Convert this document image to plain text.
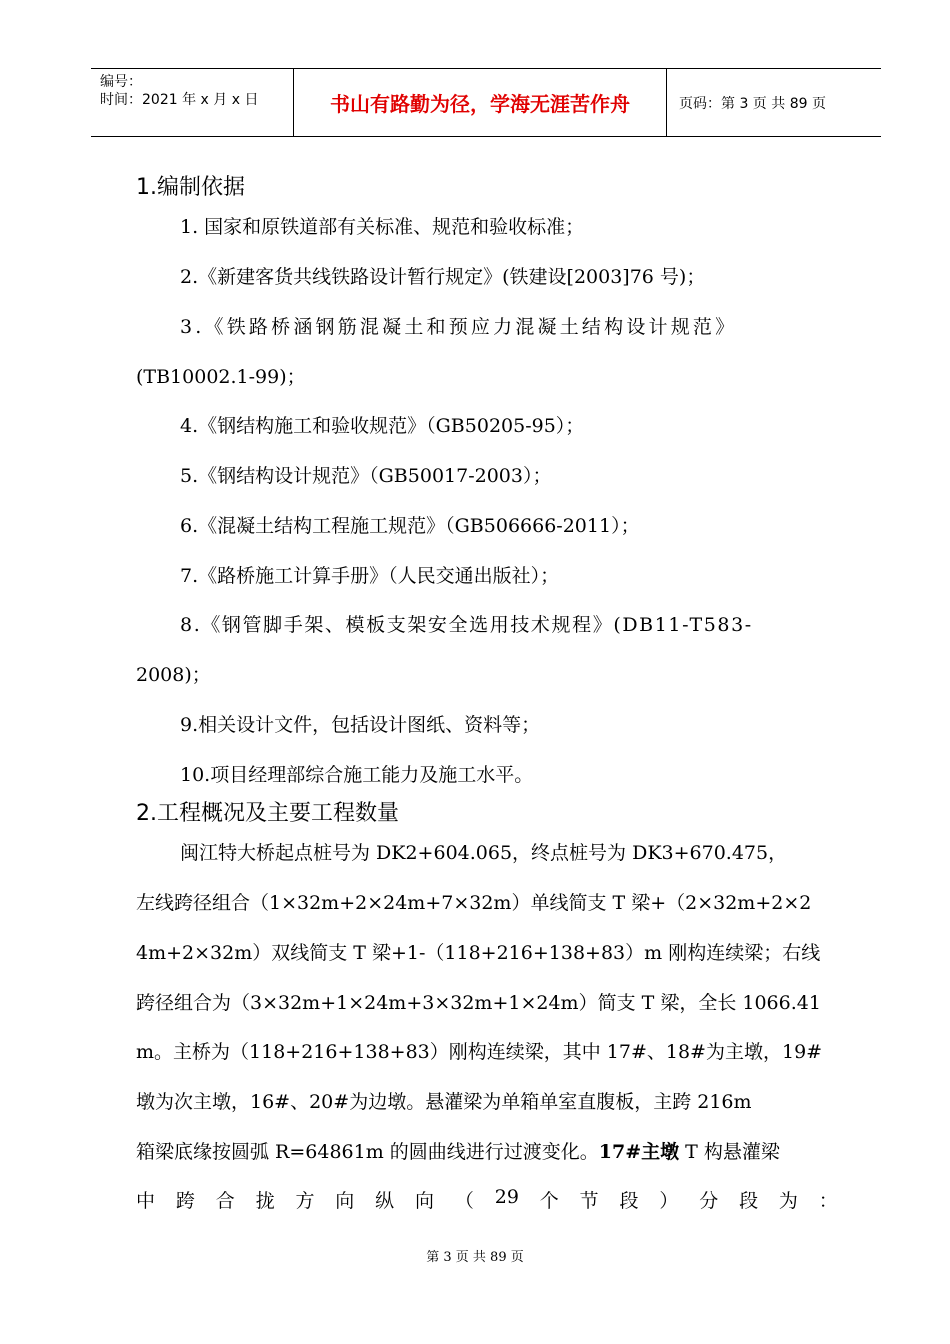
编号：
时间：2021 年 x 月 x 日	书山有路勤为径，学海无涯苦作舟	页码：第 3 页 共 89 页
1.编制依据
1. 国家和原铁道部有关标准、规范和验收标准；
2.《新建客货共线铁路设计暂行规定》(铁建设[2003]76 号)；
3.《铁路桥涵钢筋混凝土和预应力混凝土结构设计规范》
(TB10002.1-99)；
4.《钢结构施工和验收规范》（GB50205-95）；
5.《钢结构设计规范》（GB50017-2003）；
6.《混凝土结构工程施工规范》（GB506666-2011）；
7.《路桥施工计算手册》（人民交通出版社）；
8.《钢管脚手架、模板支架安全选用技术规程》(DB11-T583-
2008)；
9.相关设计文件，包括设计图纸、资料等；
10.项目经理部综合施工能力及施工水平。
2.工程概况及主要工程数量
闽江特大桥起点桩号为 DK2+604.065，终点桩号为 DK3+670.475，
左线跨径组合（1×32m+2×24m+7×32m）单线简支 T 梁+（2×32m+2×2
4m+2×32m）双线简支 T 梁+1-（118+216+138+83）m 刚构连续梁；右线
跨径组合为（3×32m+1×24m+3×32m+1×24m）简支 T 梁，全长 1066.41
m。主桥为（118+216+138+83）刚构连续梁，其中 17#、18#为主墩，19#
墩为次主墩，16#、20#为边墩。悬灌梁为单箱单室直腹板，主跨 216m
箱梁底缘按圆弧 R=64861m 的圆曲线进行过渡变化。17#主墩 T 构悬灌梁
中 跨 合 拢 方 向 纵 向 （ 29 个 节 段 ） 分 段 为 ：
第 3 页 共 89 页
